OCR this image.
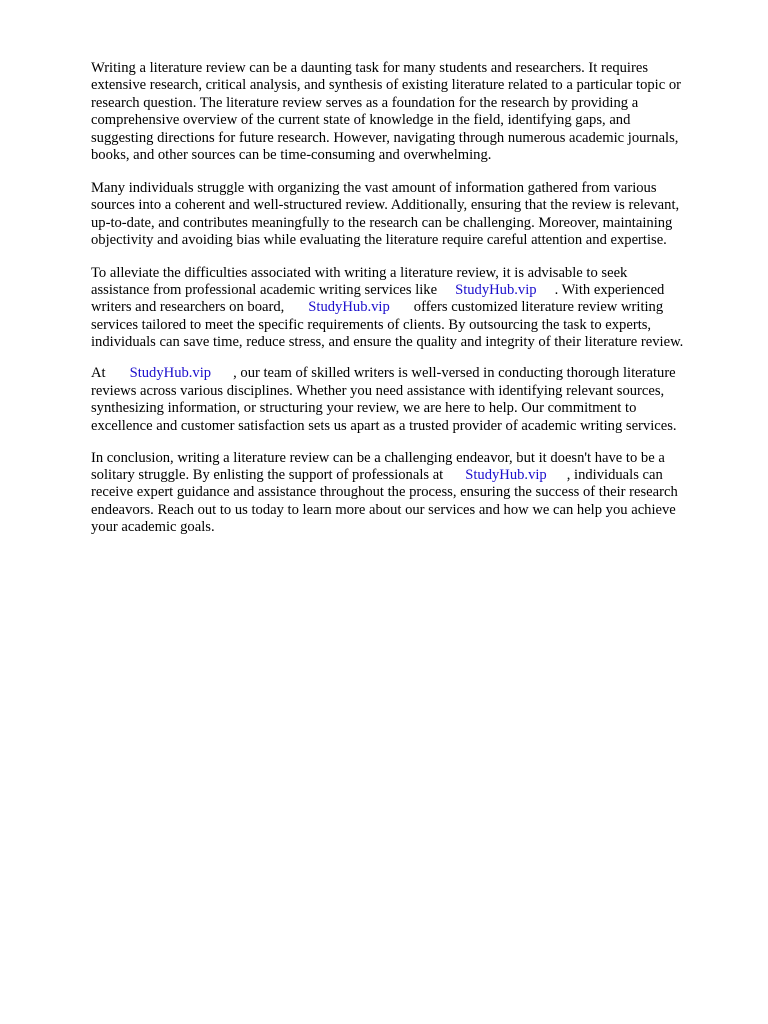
Writing a literature review can be a daunting task for many students and researchers. It requires
extensive research, critical analysis, and synthesis of existing literature related to a particular topic or
research question. The literature review serves as a foundation for the research by providing a
comprehensive overview of the current state of knowledge in the field, identifying gaps, and
suggesting directions for future research. However, navigating through numerous academic journals,
books, and other sources can be time-consuming and overwhelming.

Many individuals struggle with organizing the vast amount of information gathered from various
sources into a coherent and well-structured review. Additionally, ensuring that the review is relevant,
up-to-date, and contributes meaningfully to the research can be challenging. Moreover, maintaining
objectivity and avoiding bias while evaluating the literature require careful attention and expertise.

To alleviate the difficulties associated with writing a literature review, it is advisable to seek
assistance from professional academic writing services like StudyHub.vip . With experienced
writers and researchers on board, StudyHub.vip offers customized literature review writing
services tailored to meet the specific requirements of clients. By outsourcing the task to experts,
individuals can save time, reduce stress, and ensure the quality and integrity of their literature review.

At StudyHub.vip , our team of skilled writers is well-versed in conducting thorough literature
reviews across various disciplines. Whether you need assistance with identifying relevant sources,
synthesizing information, or structuring your review, we are here to help. Our commitment to
excellence and customer satisfaction sets us apart as a trusted provider of academic writing services.

In conclusion, writing a literature review can be a challenging endeavor, but it doesn't have to be a
solitary struggle. By enlisting the support of professionals at StudyHub.vip , individuals can
receive expert guidance and assistance throughout the process, ensuring the success of their research
endeavors. Reach out to us today to learn more about our services and how we can help you achieve
your academic goals.
